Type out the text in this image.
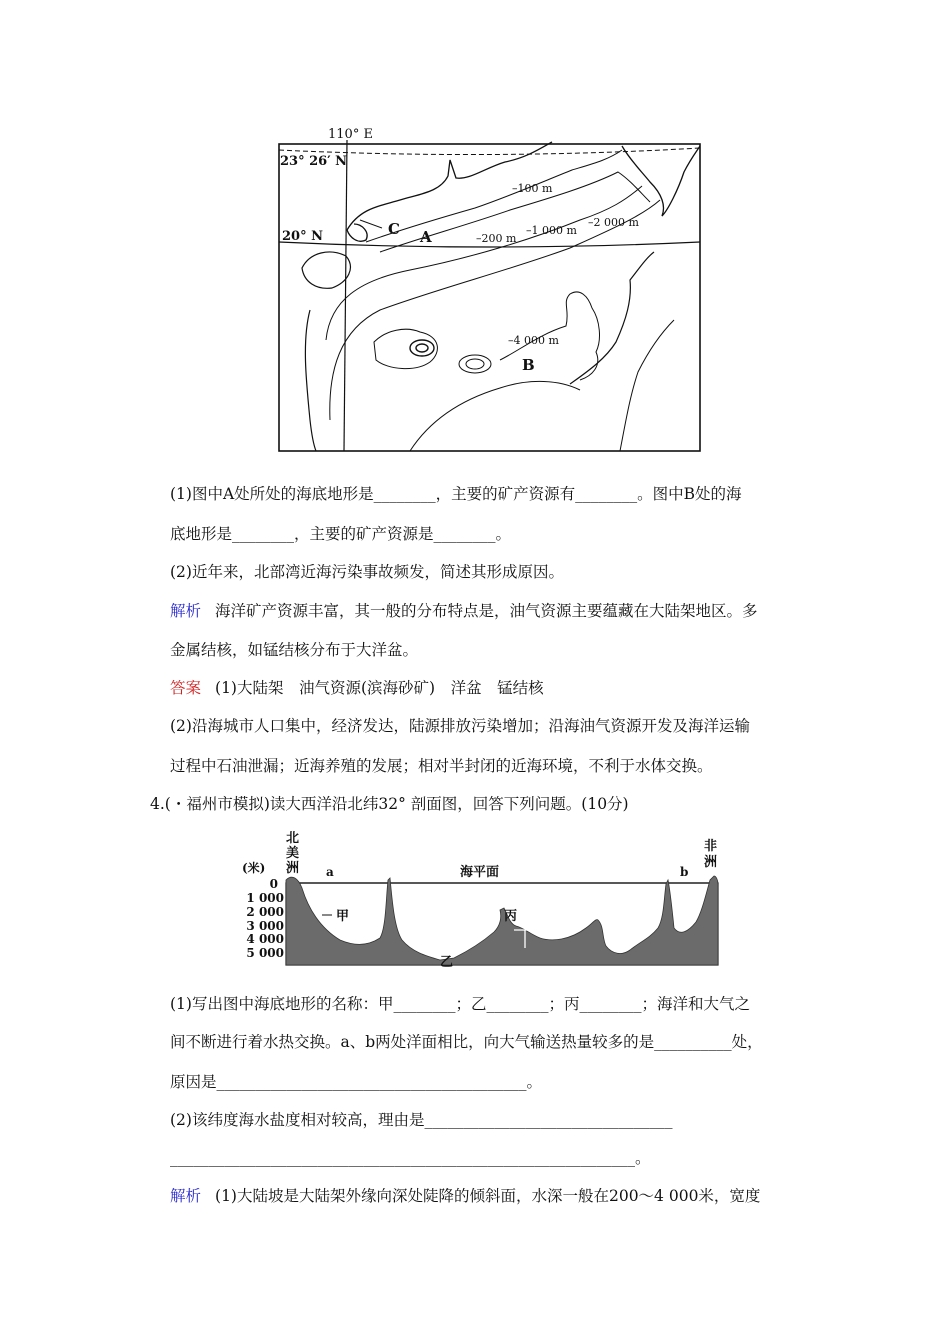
110° E
23° 26′ N
20° N	C A
B
–100 m
–200 m
–1 000 m
–2 000 m
–4 000 m
(1)图中A处所处的海底地形是________，主要的矿产资源有________。图中B处的海
底地形是________，主要的矿产资源是________。
(2)近年来，北部湾近海污染事故频发，简述其形成原因。
解析 海洋矿产资源丰富，其一般的分布特点是，油气资源主要蕴藏在大陆架地区。多
金属结核，如锰结核分布于大洋盆。
答案 (1)大陆架　油气资源(滨海砂矿)　洋盆　锰结核
(2)沿海城市人口集中，经济发达，陆源排放污染增加；沿海油气资源开发及海洋运输
过程中石油泄漏；近海养殖的发展；相对半封闭的近海环境，不利于水体交换。
4.(・福州市模拟)读大西洋沿北纬32° 剖面图，回答下列问题。(10分)
0
1 000
2 000
3 000
4 000
5 000
(米)
北
美
洲
非
洲
海平面
a	b
甲
乙
丙
(1)写出图中海底地形的名称：甲________；乙________；丙________；海洋和大气之
间不断进行着水热交换。a、b两处洋面相比，向大气输送热量较多的是__________处，
原因是________________________________________。
(2)该纬度海水盐度相对较高，理由是________________________________
____________________________________________________________。
解析 (1)大陆坡是大陆架外缘向深处陡降的倾斜面，水深一般在200～4 000米，宽度
